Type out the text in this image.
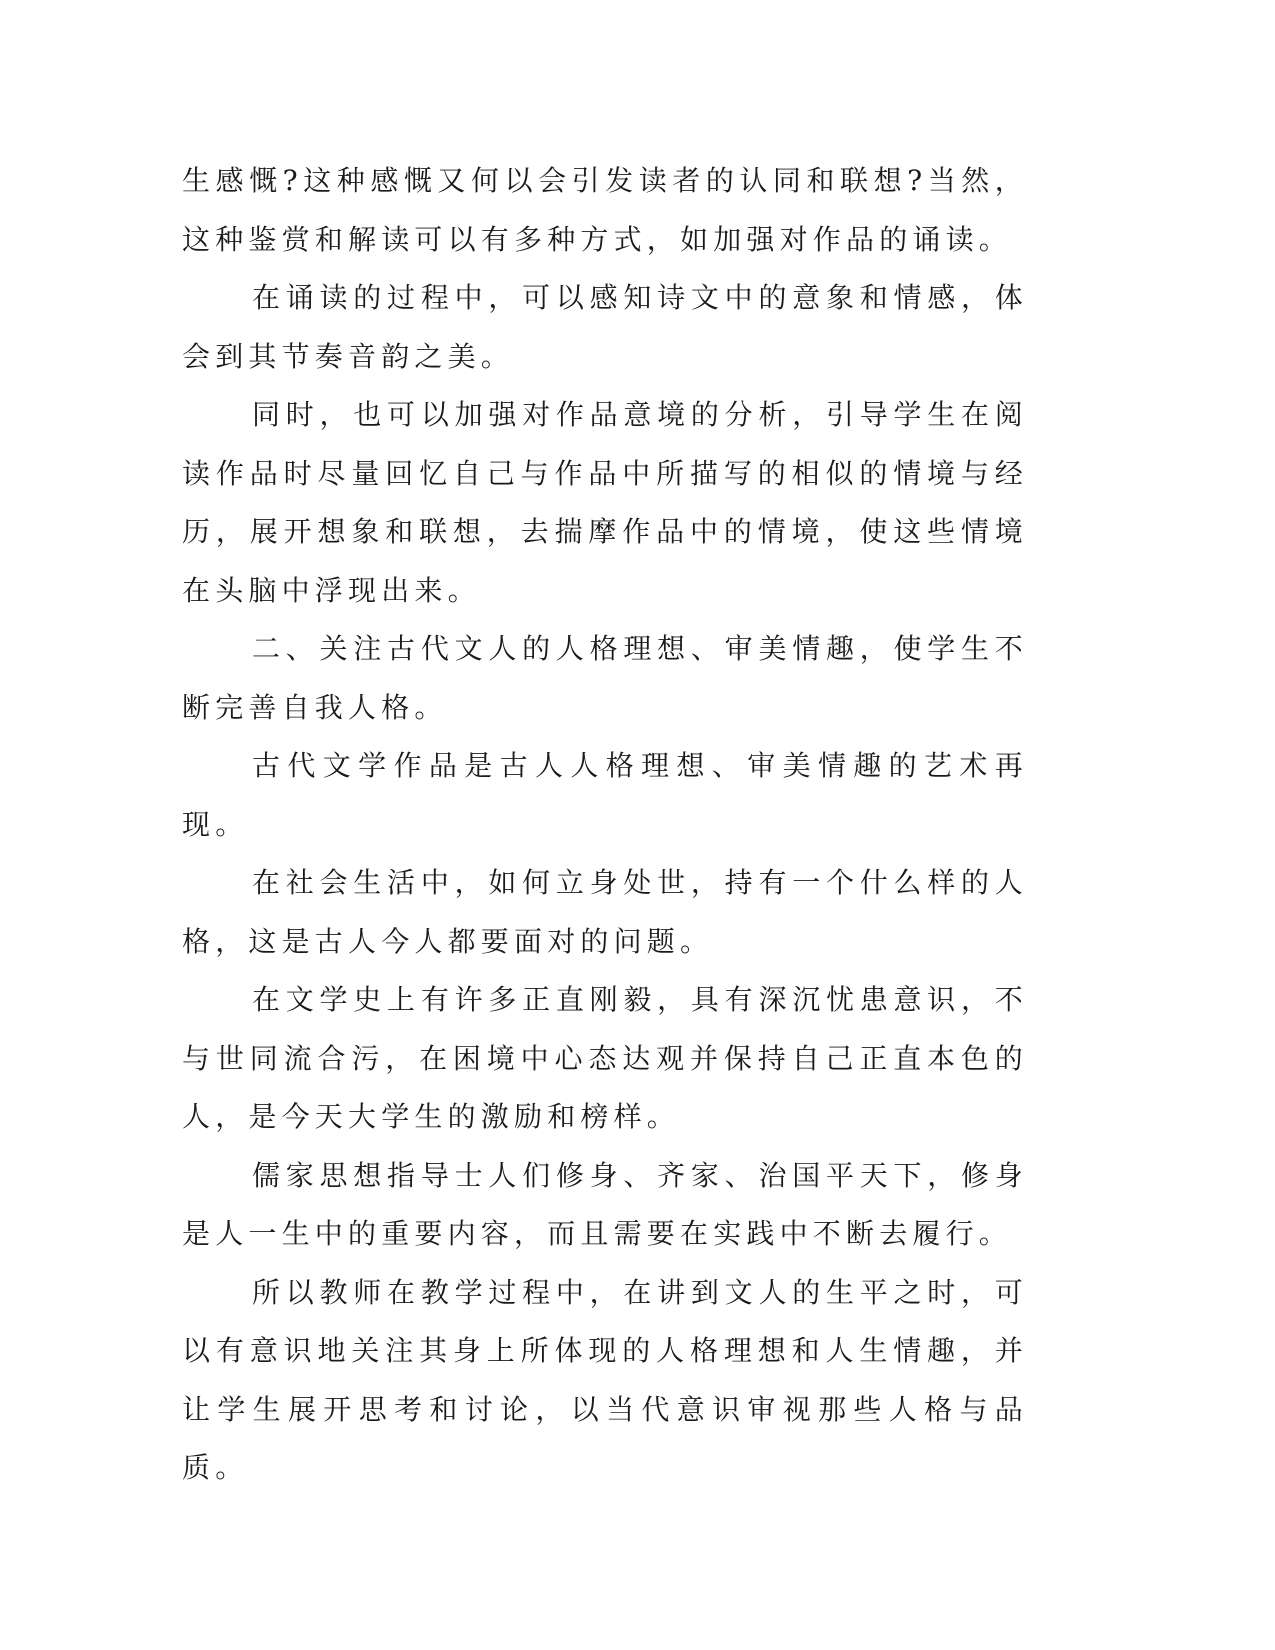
生感慨?这种感慨又何以会引发读者的认同和联想?当然，这种鉴赏和解读可以有多种方式，如加强对作品的诵读。

在诵读的过程中，可以感知诗文中的意象和情感，体会到其节奏音韵之美。

同时，也可以加强对作品意境的分析，引导学生在阅读作品时尽量回忆自己与作品中所描写的相似的情境与经历，展开想象和联想，去揣摩作品中的情境，使这些情境在头脑中浮现出来。

二、关注古代文人的人格理想、审美情趣，使学生不断完善自我人格。

古代文学作品是古人人格理想、审美情趣的艺术再现。

在社会生活中，如何立身处世，持有一个什么样的人格，这是古人今人都要面对的问题。

在文学史上有许多正直刚毅，具有深沉忧患意识，不与世同流合污，在困境中心态达观并保持自己正直本色的人，是今天大学生的激励和榜样。

儒家思想指导士人们修身、齐家、治国平天下，修身是人一生中的重要内容，而且需要在实践中不断去履行。

所以教师在教学过程中，在讲到文人的生平之时，可以有意识地关注其身上所体现的人格理想和人生情趣，并让学生展开思考和讨论，以当代意识审视那些人格与品质。
